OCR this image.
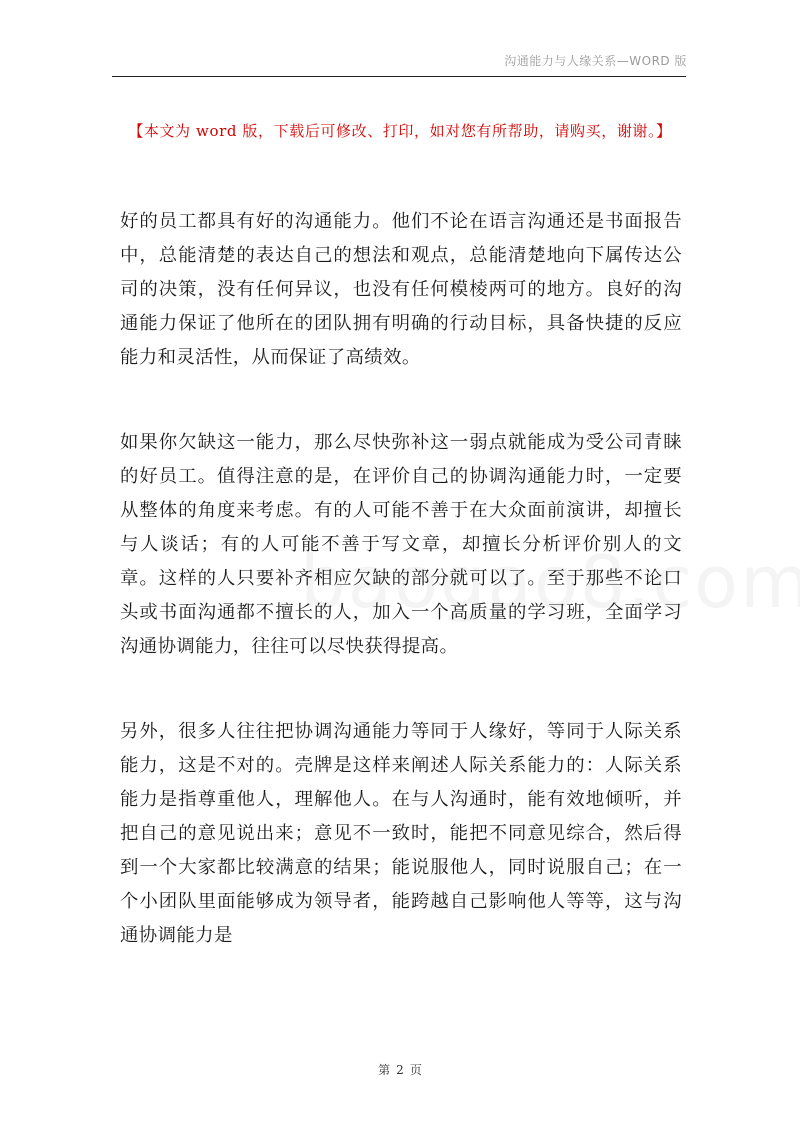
沟通能力与人缘关系—WORD 版
【本文为 word 版，下载后可修改、打印，如对您有所帮助，请购买，谢谢。】

好的员工都具有好的沟通能力。他们不论在语言沟通还是书面报告中，总能清楚的表达自己的想法和观点，总能清楚地向下属传达公司的决策，没有任何异议，也没有任何模棱两可的地方。良好的沟通能力保证了他所在的团队拥有明确的行动目标，具备快捷的反应能力和灵活性，从而保证了高绩效。

如果你欠缺这一能力，那么尽快弥补这一弱点就能成为受公司青睐的好员工。值得注意的是，在评价自己的协调沟通能力时，一定要从整体的角度来考虑。有的人可能不善于在大众面前演讲，却擅长与人谈话；有的人可能不善于写文章，却擅长分析评价别人的文章。这样的人只要补齐相应欠缺的部分就可以了。至于那些不论口头或书面沟通都不擅长的人，加入一个高质量的学习班，全面学习沟通协调能力，往往可以尽快获得提高。

另外，很多人往往把协调沟通能力等同于人缘好，等同于人际关系能力，这是不对的。壳牌是这样来阐述人际关系能力的：人际关系能力是指尊重他人，理解他人。在与人沟通时，能有效地倾听，并把自己的意见说出来；意见不一致时，能把不同意见综合，然后得到一个大家都比较满意的结果；能说服他人，同时说服自己；在一个小团队里面能够成为领导者，能跨越自己影响他人等等，这与沟通协调能力是

第 2 页
